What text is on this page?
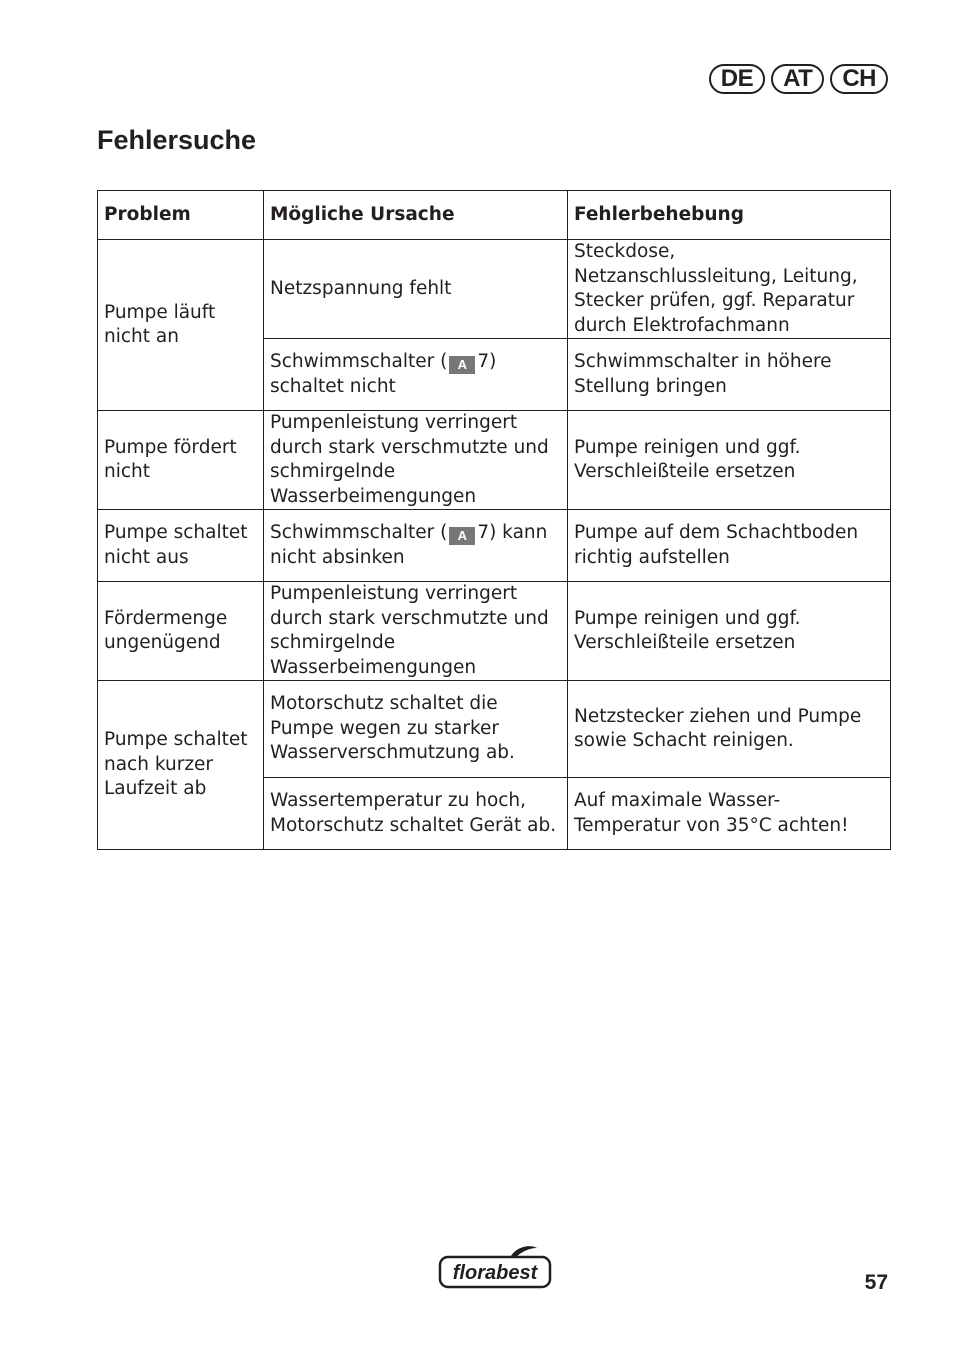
DE	AT	CH
Fehlersuche
Problem	Mögliche Ursache	Fehlerbehebung
Pumpe läuft nicht an	Netzspannung fehlt	Steckdose, Netzanschlussleitung, Leitung, Stecker prüfen, ggf. Reparatur durch Elektrofachmann
	Schwimmschalter ( A 7) schaltet nicht	Schwimmschalter in höhere Stellung bringen
Pumpe fördert nicht	Pumpenleistung verringert durch stark verschmutzte und schmirgelnde Wasserbeimengungen	Pumpe reinigen und ggf. Verschleißteile ersetzen
Pumpe schaltet nicht aus	Schwimmschalter ( A 7) kann nicht absinken	Pumpe auf dem Schachtboden richtig aufstellen
Fördermenge ungenügend	Pumpenleistung verringert durch stark verschmutzte und schmirgelnde Wasserbeimengungen	Pumpe reinigen und ggf. Verschleißteile ersetzen
Pumpe schaltet nach kurzer Laufzeit ab	Motorschutz schaltet die Pumpe wegen zu starker Wasserverschmutzung ab.	Netzstecker ziehen und Pumpe sowie Schacht reinigen.
	Wassertemperatur zu hoch, Motorschutz schaltet Gerät ab.	Auf maximale Wasser-Temperatur von 35°C achten!
florabest	57
